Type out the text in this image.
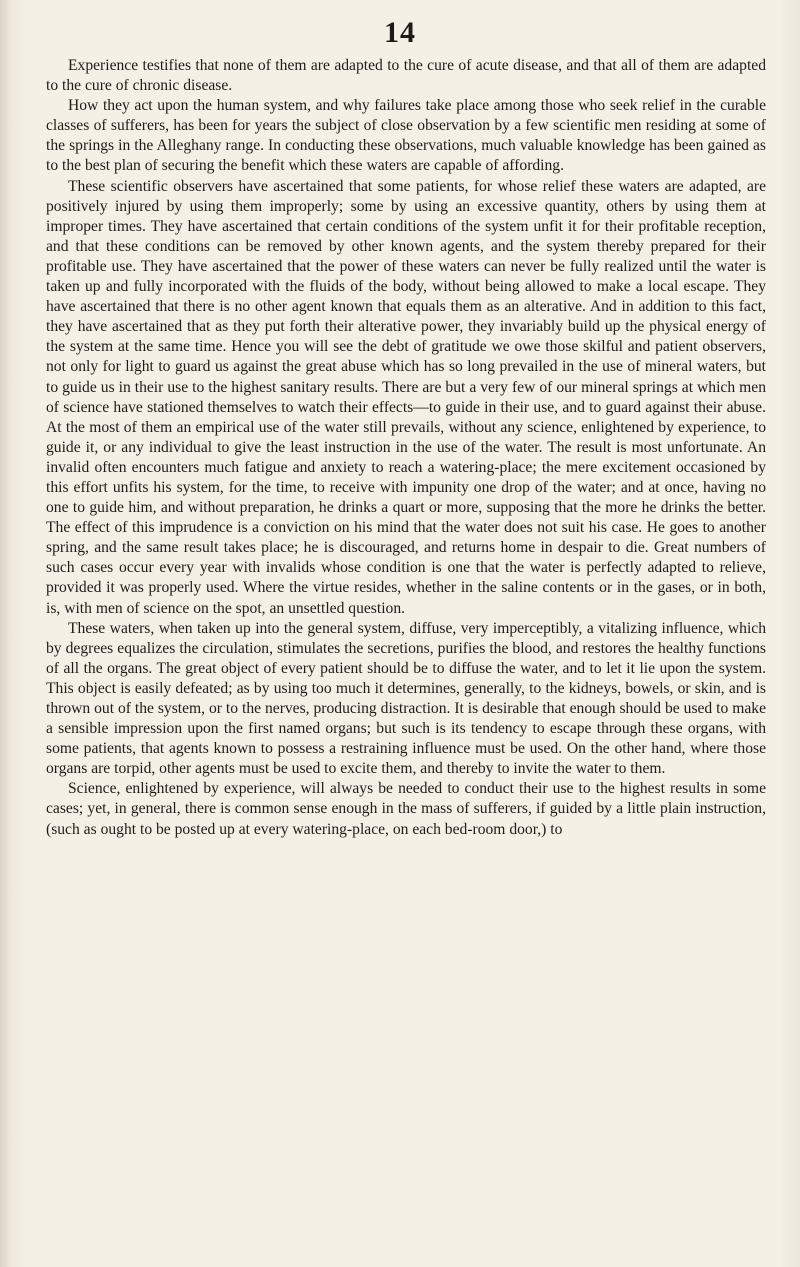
14

Experience testifies that none of them are adapted to the cure of acute disease, and that all of them are adapted to the cure of chronic disease.

How they act upon the human system, and why failures take place among those who seek relief in the curable classes of sufferers, has been for years the subject of close observation by a few scientific men residing at some of the springs in the Alleghany range. In conducting these observations, much valuable knowledge has been gained as to the best plan of securing the benefit which these waters are capable of affording.

These scientific observers have ascertained that some patients, for whose relief these waters are adapted, are positively injured by using them improperly; some by using an excessive quantity, others by using them at improper times. They have ascertained that certain conditions of the system unfit it for their profitable reception, and that these conditions can be removed by other known agents, and the system thereby prepared for their profitable use. They have ascertained that the power of these waters can never be fully realized until the water is taken up and fully incorporated with the fluids of the body, without being allowed to make a local escape. They have ascertained that there is no other agent known that equals them as an alterative. And in addition to this fact, they have ascertained that as they put forth their alterative power, they invariably build up the physical energy of the system at the same time. Hence you will see the debt of gratitude we owe those skilful and patient observers, not only for light to guard us against the great abuse which has so long prevailed in the use of mineral waters, but to guide us in their use to the highest sanitary results. There are but a very few of our mineral springs at which men of science have stationed themselves to watch their effects—to guide in their use, and to guard against their abuse. At the most of them an empirical use of the water still prevails, without any science, enlightened by experience, to guide it, or any individual to give the least instruction in the use of the water. The result is most unfortunate. An invalid often encounters much fatigue and anxiety to reach a watering-place; the mere excitement occasioned by this effort unfits his system, for the time, to receive with impunity one drop of the water; and at once, having no one to guide him, and without preparation, he drinks a quart or more, supposing that the more he drinks the better. The effect of this imprudence is a conviction on his mind that the water does not suit his case. He goes to another spring, and the same result takes place; he is discouraged, and returns home in despair to die. Great numbers of such cases occur every year with invalids whose condition is one that the water is perfectly adapted to relieve, provided it was properly used. Where the virtue resides, whether in the saline contents or in the gases, or in both, is, with men of science on the spot, an unsettled question.

These waters, when taken up into the general system, diffuse, very imperceptibly, a vitalizing influence, which by degrees equalizes the circulation, stimulates the secretions, purifies the blood, and restores the healthy functions of all the organs. The great object of every patient should be to diffuse the water, and to let it lie upon the system. This object is easily defeated; as by using too much it determines, generally, to the kidneys, bowels, or skin, and is thrown out of the system, or to the nerves, producing distraction. It is desirable that enough should be used to make a sensible impression upon the first named organs; but such is its tendency to escape through these organs, with some patients, that agents known to possess a restraining influence must be used. On the other hand, where those organs are torpid, other agents must be used to excite them, and thereby to invite the water to them.

Science, enlightened by experience, will always be needed to conduct their use to the highest results in some cases; yet, in general, there is common sense enough in the mass of sufferers, if guided by a little plain instruction, (such as ought to be posted up at every watering-place, on each bed-room door,) to
